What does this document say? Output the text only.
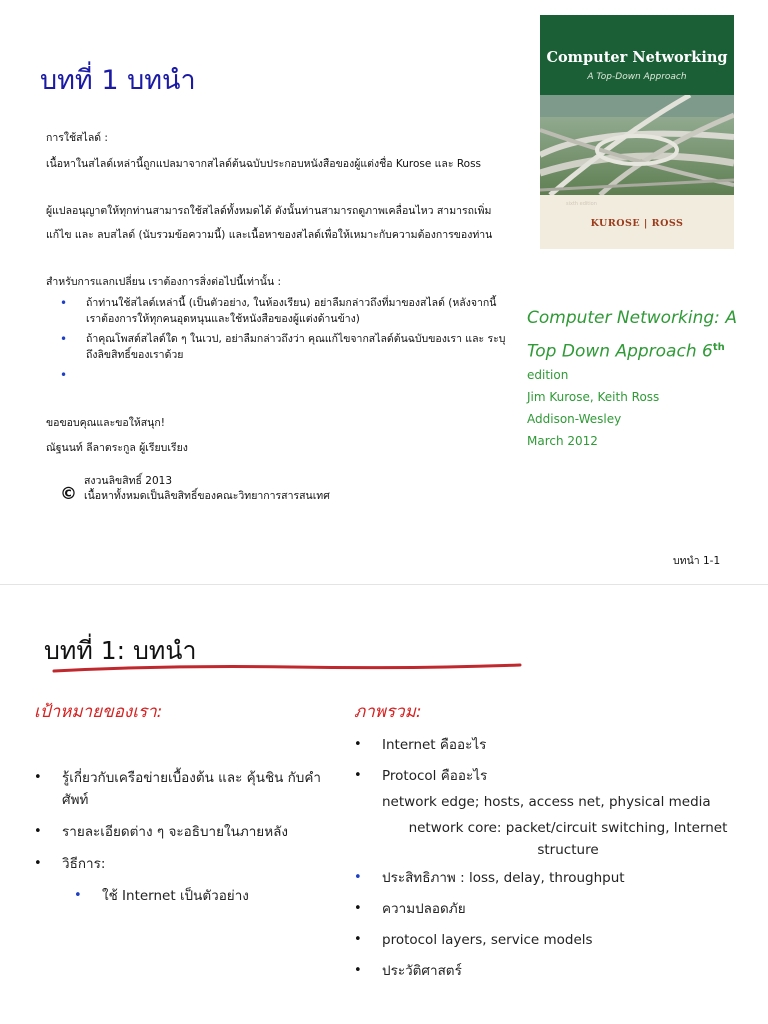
บทที่ 1 บทนำ
การใช้สไลด์ :
เนื้อหาในสไลด์เหล่านี้ถูกแปลมาจากสไลด์ต้นฉบับประกอบหนังสือของผู้แต่งชื่อ Kurose และ Ross
ผู้แปลอนุญาตให้ทุกท่านสามารถใช้สไลด์ทั้งหมดได้ ดังนั้นท่านสามารถดูภาพเคลื่อนไหว สามารถเพิ่ม
แก้ไข และ ลบสไลด์ (นับรวมข้อความนี้) และเนื้อหาของสไลด์เพื่อให้เหมาะกับความต้องการของท่าน
สำหรับการแลกเปลี่ยน เราต้องการสิ่งต่อไปนี้เท่านั้น :
• ถ้าท่านใช้สไลด์เหล่านี้ (เป็นตัวอย่าง, ในห้องเรียน) อย่าลืมกล่าวถึงที่มาของสไลด์ (หลังจากนี้
เราต้องการให้ทุกคนอุดหนุนและใช้หนังสือของผู้แต่งด้านข้าง)
• ถ้าคุณโพสต์สไลด์ใด ๆ ในเวป, อย่าลืมกล่าวถึงว่า คุณแก้ไขจากสไลด์ต้นฉบับของเรา และ ระบุ
ถึงลิขสิทธิ์ของเราด้วย
•
ขอขอบคุณและขอให้สนุก!
ณัฐนนท์ ลีลาตระกูล ผู้เรียบเรียง
©
สงวนลิขสิทธิ์ 2013
เนื้อหาทั้งหมดเป็นลิขสิทธิ์ของคณะวิทยาการสารสนเทศ
บทนำ 1-1
Computer Networking
A Top-Down Approach
sixth edition
KUROSE | ROSS
Computer Networking: A Top Down Approach 6th
edition
Jim Kurose, Keith Ross
Addison-Wesley
March 2012
บทที่ 1: บทนำ
เป้าหมายของเรา:
• รู้เกี่ยวกับเครือข่ายเบื้องต้น และ คุ้นชิน กับคำศัพท์
• รายละเอียดต่าง ๆ จะอธิบายในภายหลัง
• วิธีการ:
• ใช้ Internet เป็นตัวอย่าง
ภาพรวม:
• Internet คืออะไร
• Protocol คืออะไร
network edge; hosts, access net, physical media
network core: packet/circuit switching, Internet structure
• ประสิทธิภาพ : loss, delay, throughput
• ความปลอดภัย
• protocol layers, service models
• ประวัติศาสตร์
